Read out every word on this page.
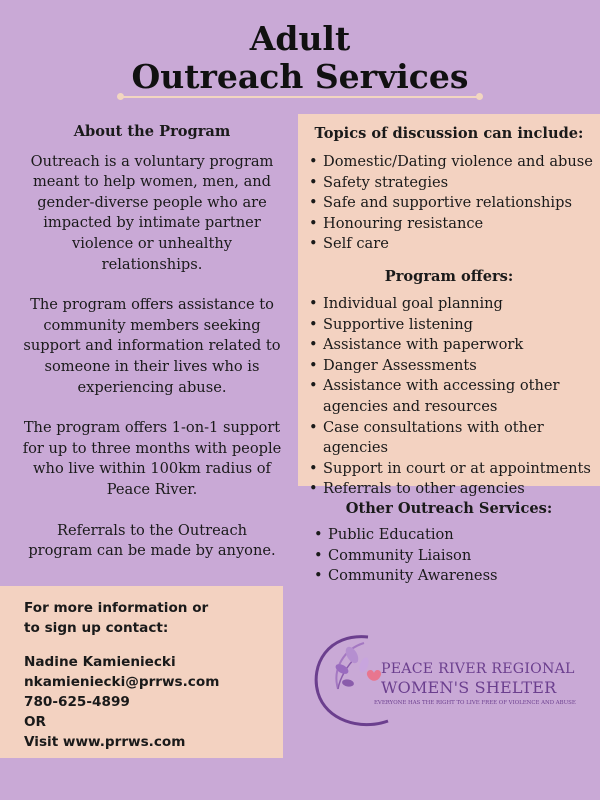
Adult
Outreach Services
About the Program

Outreach is a voluntary program meant to help women, men, and gender-diverse people who are impacted by intimate partner violence or unhealthy relationships.

The program offers assistance to community members seeking support and information related to someone in their lives who is experiencing abuse.

The program offers 1-on-1 support for up to three months with people who live within 100km radius of Peace River.

Referrals to the Outreach program can be made by anyone.

Topics of discussion can include:
• Domestic/Dating violence and abuse
• Safety strategies
• Safe and supportive relationships
• Honouring resistance
• Self care
Program offers:
• Individual goal planning
• Supportive listening
• Assistance with paperwork
• Danger Assessments
• Assistance with accessing other agencies and resources
• Case consultations with other agencies
• Support in court or at appointments
• Referrals to other agencies
Other Outreach Services:
• Public Education
• Community Liaison
• Community Awareness
For more information or
to sign up contact:
Nadine Kamieniecki
nkamieniecki@prrws.com
780-625-4899
OR
Visit www.prrws.com
PEACE RIVER REGIONAL
WOMEN'S SHELTER
EVERYONE HAS THE RIGHT TO LIVE FREE OF VIOLENCE AND ABUSE
